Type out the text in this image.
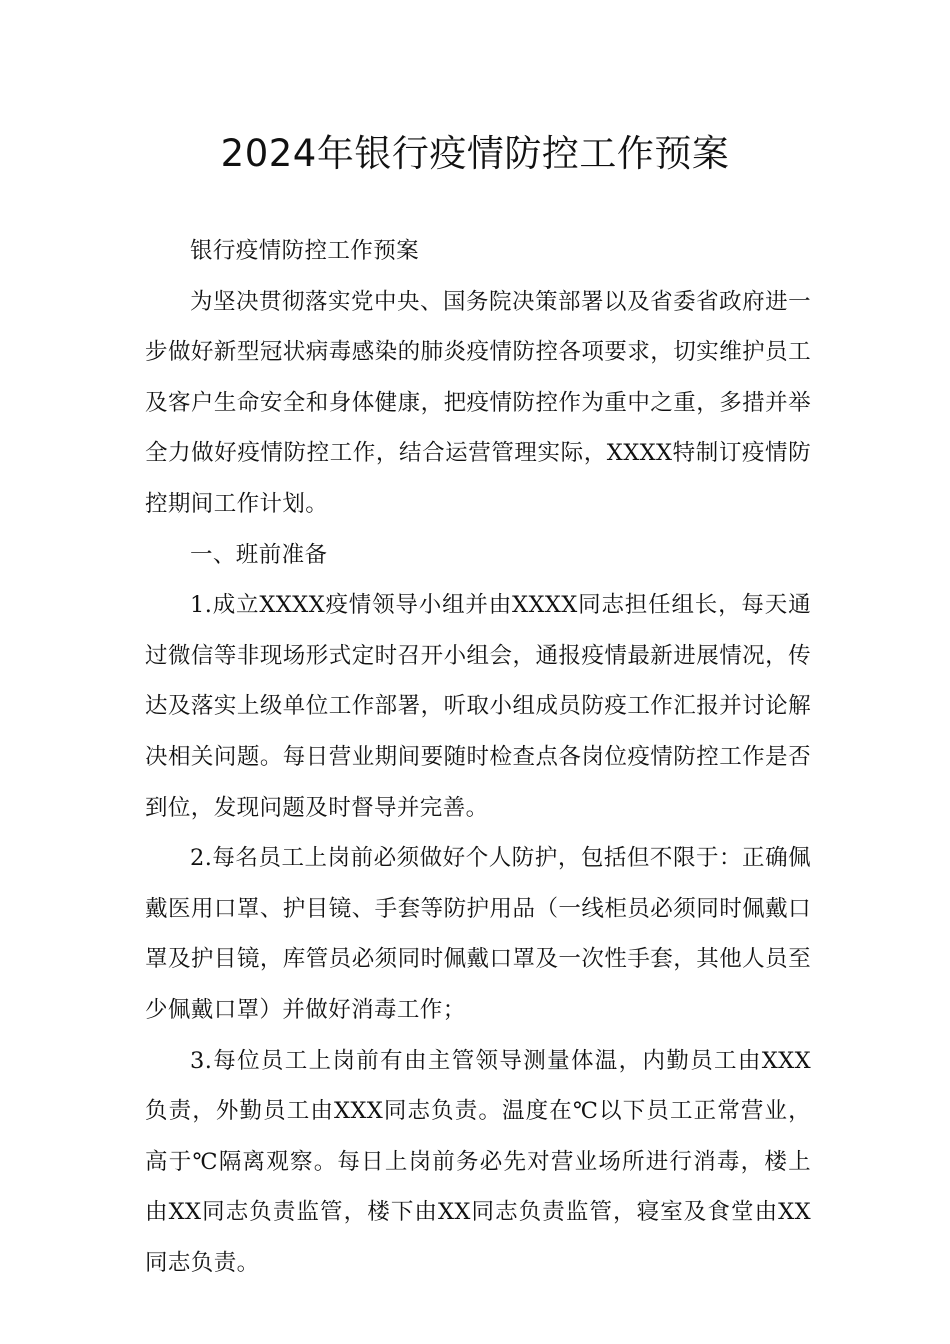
2024年银行疫情防控工作预案

银行疫情防控工作预案

为坚决贯彻落实党中央、国务院决策部署以及省委省政府进一步做好新型冠状病毒感染的肺炎疫情防控各项要求，切实维护员工及客户生命安全和身体健康，把疫情防控作为重中之重，多措并举全力做好疫情防控工作，结合运营管理实际，XXXX特制订疫情防控期间工作计划。

一、班前准备

1.成立XXXX疫情领导小组并由XXXX同志担任组长，每天通过微信等非现场形式定时召开小组会，通报疫情最新进展情况，传达及落实上级单位工作部署，听取小组成员防疫工作汇报并讨论解决相关问题。每日营业期间要随时检查点各岗位疫情防控工作是否到位，发现问题及时督导并完善。

2.每名员工上岗前必须做好个人防护，包括但不限于：正确佩戴医用口罩、护目镜、手套等防护用品（一线柜员必须同时佩戴口罩及护目镜，库管员必须同时佩戴口罩及一次性手套，其他人员至少佩戴口罩）并做好消毒工作；

3.每位员工上岗前有由主管领导测量体温，内勤员工由XXX负责，外勤员工由XXX同志负责。温度在℃以下员工正常营业，高于℃隔离观察。每日上岗前务必先对营业场所进行消毒，楼上由XX同志负责监管，楼下由XX同志负责监管，寝室及食堂由XX同志负责。
